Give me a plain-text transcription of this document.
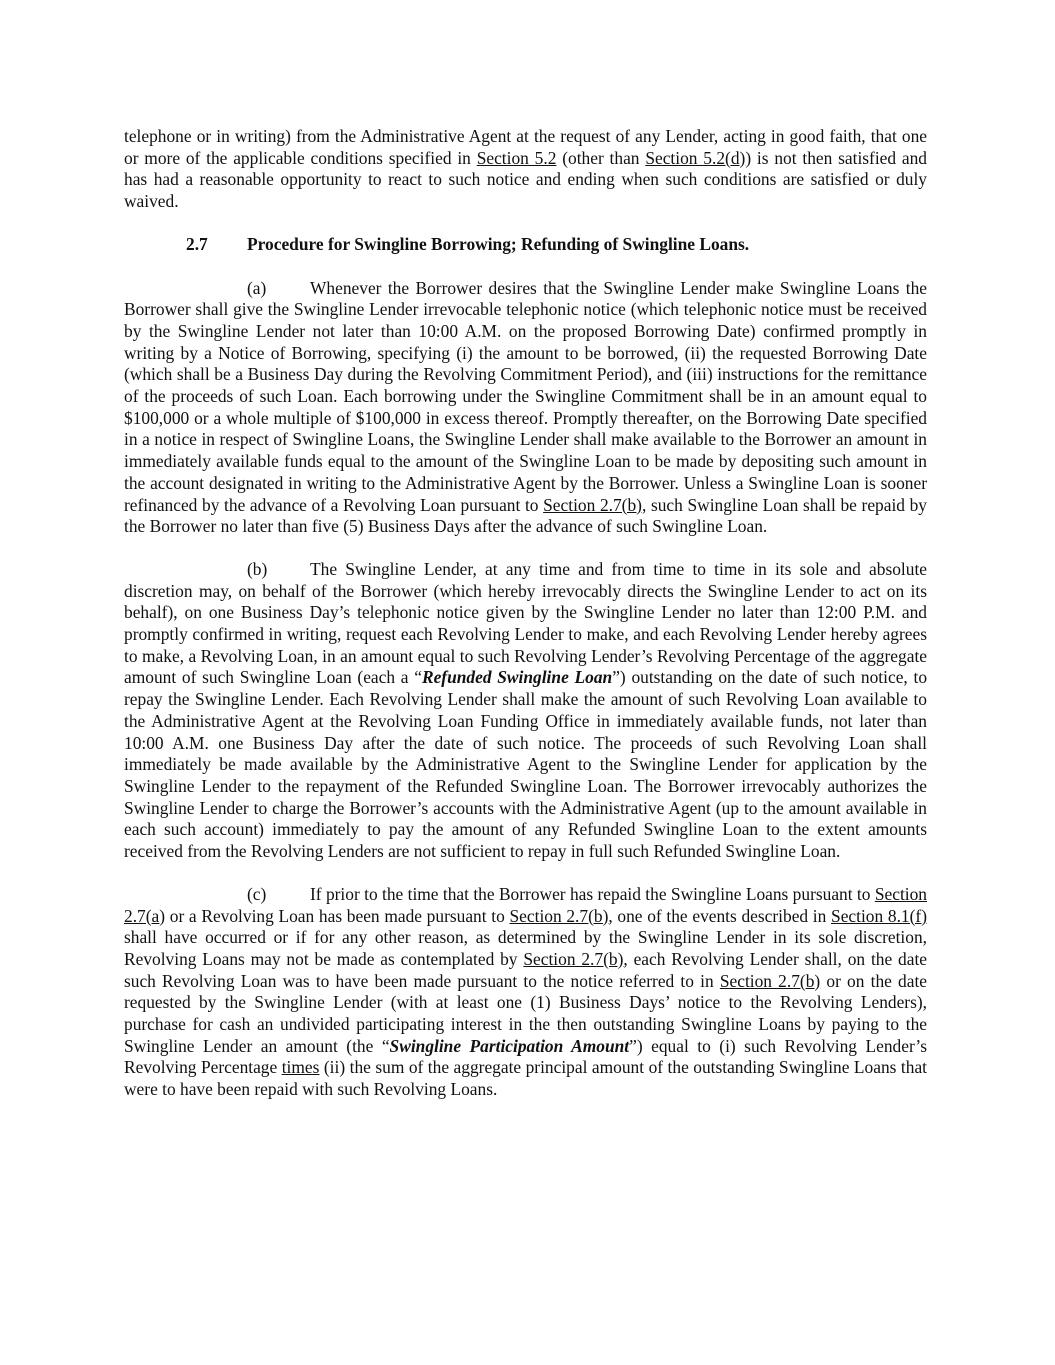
telephone or in writing) from the Administrative Agent at the request of any Lender, acting in good faith, that one or more of the applicable conditions specified in Section 5.2 (other than Section 5.2(d)) is not then satisfied and has had a reasonable opportunity to react to such notice and ending when such conditions are satisfied or duly waived.

2.7 Procedure for Swingline Borrowing; Refunding of Swingline Loans.

(a)	Whenever the Borrower desires that the Swingline Lender make Swingline Loans the Borrower shall give the Swingline Lender irrevocable telephonic notice (which telephonic notice must be received by the Swingline Lender not later than 10:00 A.M. on the proposed Borrowing Date) confirmed promptly in writing by a Notice of Borrowing, specifying (i) the amount to be borrowed, (ii) the requested Borrowing Date (which shall be a Business Day during the Revolving Commitment Period), and (iii) instructions for the remittance of the proceeds of such Loan. Each borrowing under the Swingline Commitment shall be in an amount equal to $100,000 or a whole multiple of $100,000 in excess thereof. Promptly thereafter, on the Borrowing Date specified in a notice in respect of Swingline Loans, the Swingline Lender shall make available to the Borrower an amount in immediately available funds equal to the amount of the Swingline Loan to be made by depositing such amount in the account designated in writing to the Administrative Agent by the Borrower. Unless a Swingline Loan is sooner refinanced by the advance of a Revolving Loan pursuant to Section 2.7(b), such Swingline Loan shall be repaid by the Borrower no later than five (5) Business Days after the advance of such Swingline Loan.

(b) The Swingline Lender, at any time and from time to time in its sole and absolute discretion may, on behalf of the Borrower (which hereby irrevocably directs the Swingline Lender to act on its behalf), on one Business Day’s telephonic notice given by the Swingline Lender no later than 12:00 P.M. and promptly confirmed in writing, request each Revolving Lender to make, and each Revolving Lender hereby agrees to make, a Revolving Loan, in an amount equal to such Revolving Lender’s Revolving Percentage of the aggregate amount of such Swingline Loan (each a “Refunded Swingline Loan”) outstanding on the date of such notice, to repay the Swingline Lender. Each Revolving Lender shall make the amount of such Revolving Loan available to the Administrative Agent at the Revolving Loan Funding Office in immediately available funds, not later than 10:00 A.M. one Business Day after the date of such notice. The proceeds of such Revolving Loan shall immediately be made available by the Administrative Agent to the Swingline Lender for application by the Swingline Lender to the repayment of the Refunded Swingline Loan. The Borrower irrevocably authorizes the Swingline Lender to charge the Borrower’s accounts with the Administrative Agent (up to the amount available in each such account) immediately to pay the amount of any Refunded Swingline Loan to the extent amounts received from the Revolving Lenders are not sufficient to repay in full such Refunded Swingline Loan.

(c)	If prior to the time that the Borrower has repaid the Swingline Loans pursuant to Section 2.7(a) or a Revolving Loan has been made pursuant to Section 2.7(b), one of the events described in Section 8.1(f) shall have occurred or if for any other reason, as determined by the Swingline Lender in its sole discretion, Revolving Loans may not be made as contemplated by Section 2.7(b), each Revolving Lender shall, on the date such Revolving Loan was to have been made pursuant to the notice referred to in Section 2.7(b) or on the date requested by the Swingline Lender (with at least one (1) Business Days’ notice to the Revolving Lenders), purchase for cash an undivided participating interest in the then outstanding Swingline Loans by paying to the Swingline Lender an amount (the “Swingline Participation Amount”) equal to (i) such Revolving Lender’s Revolving Percentage times (ii) the sum of the aggregate principal amount of the outstanding Swingline Loans that were to have been repaid with such Revolving Loans.
